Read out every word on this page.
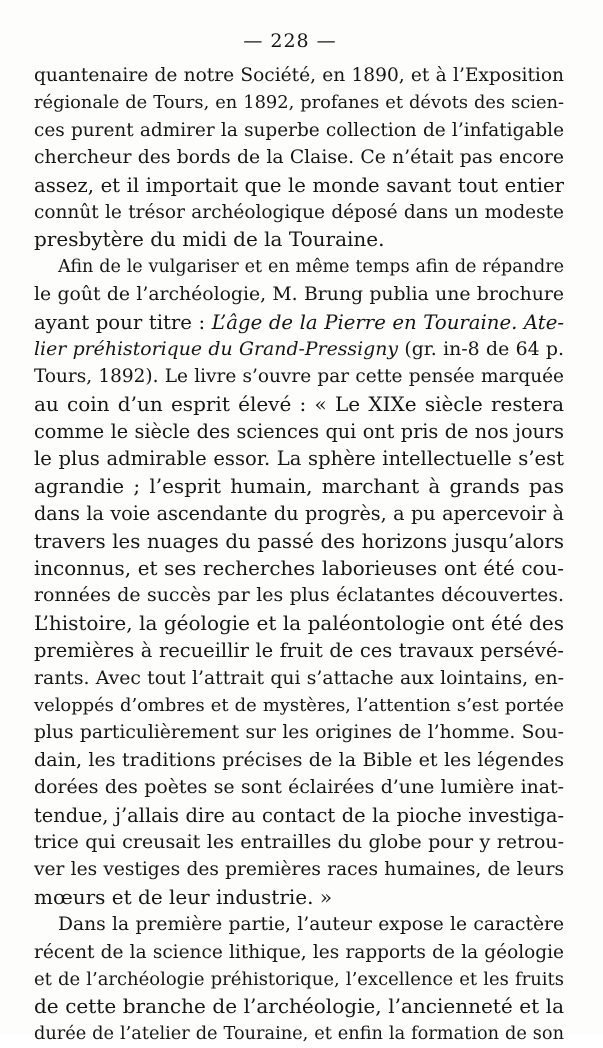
— 228 —
quantenaire de notre Société, en 1890, et à l’Exposition
régionale de Tours, en 1892, profanes et dévots des scien-
ces purent admirer la superbe collection de l’infatigable
chercheur des bords de la Claise. Ce n’était pas encore
assez, et il importait que le monde savant tout entier
connût le trésor archéologique déposé dans un modeste
presbytère du midi de la Touraine.
Afin de le vulgariser et en même temps afin de répandre
le goût de l’archéologie, M. Brung publia une brochure
ayant pour titre : L’âge de la Pierre en Touraine. Ate-
lier préhistorique du Grand-Pressigny (gr. in-8 de 64 p.
Tours, 1892). Le livre s’ouvre par cette pensée marquée
au coin d’un esprit élevé : « Le XIXe siècle restera
comme le siècle des sciences qui ont pris de nos jours
le plus admirable essor. La sphère intellectuelle s’est
agrandie ; l’esprit humain, marchant à grands pas
dans la voie ascendante du progrès, a pu apercevoir à
travers les nuages du passé des horizons jusqu’alors
inconnus, et ses recherches laborieuses ont été cou-
ronnées de succès par les plus éclatantes découvertes.
L’histoire, la géologie et la paléontologie ont été des
premières à recueillir le fruit de ces travaux persévé-
rants. Avec tout l’attrait qui s’attache aux lointains, en-
veloppés d’ombres et de mystères, l’attention s’est portée
plus particulièrement sur les origines de l’homme. Sou-
dain, les traditions précises de la Bible et les légendes
dorées des poètes se sont éclairées d’une lumière inat-
tendue, j’allais dire au contact de la pioche investiga-
trice qui creusait les entrailles du globe pour y retrou-
ver les vestiges des premières races humaines, de leurs
mœurs et de leur industrie. »
Dans la première partie, l’auteur expose le caractère
récent de la science lithique, les rapports de la géologie
et de l’archéologie préhistorique, l’excellence et les fruits
de cette branche de l’archéologie, l’ancienneté et la
durée de l’atelier de Touraine, et enfin la formation de son
